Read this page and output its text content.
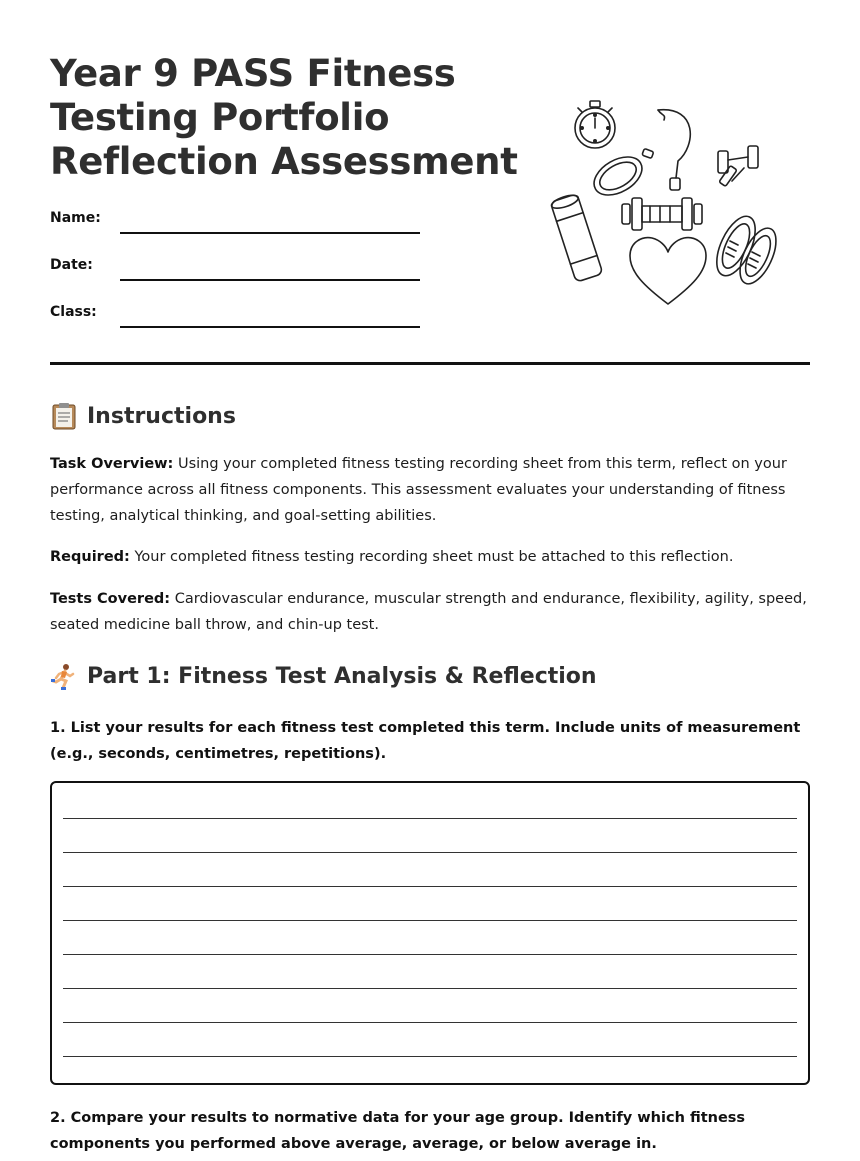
Year 9 PASS Fitness
Testing Portfolio
Reflection Assessment
Name:
Date:
Class:
Instructions

Task Overview: Using your completed fitness testing recording sheet from this term, reflect on your performance across all fitness components. This assessment evaluates your understanding of fitness testing, analytical thinking, and goal-setting abilities.

Required: Your completed fitness testing recording sheet must be attached to this reflection.

Tests Covered: Cardiovascular endurance, muscular strength and endurance, flexibility, agility, speed, seated medicine ball throw, and chin-up test.

Part 1: Fitness Test Analysis & Reflection

1. List your results for each fitness test completed this term. Include units of measurement (e.g., seconds, centimetres, repetitions).

2. Compare your results to normative data for your age group. Identify which fitness components you performed above average, average, or below average in.
